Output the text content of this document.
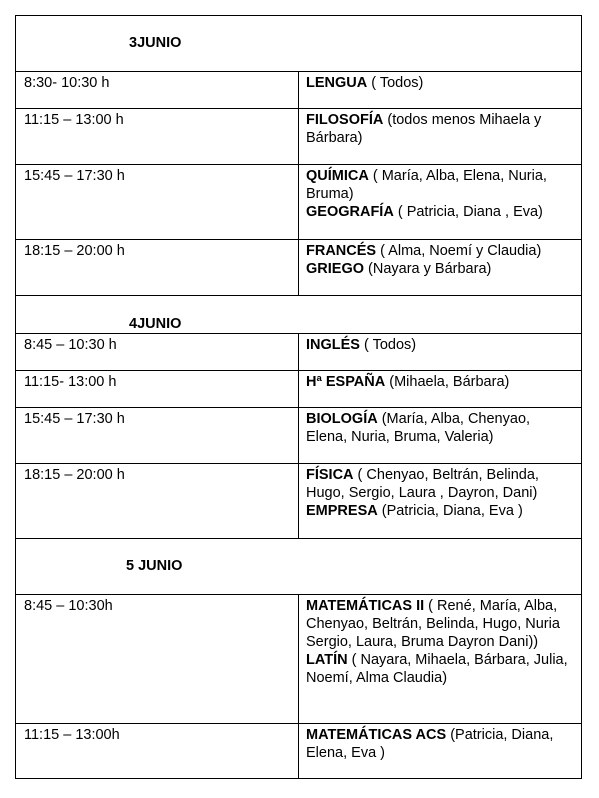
3JUNIO
8:30- 10:30 h	LENGUA ( Todos)
11:15 – 13:00 h	FILOSOFÍA (todos menos Mihaela y Bárbara)
15:45 – 17:30 h	QUÍMICA ( María, Alba, Elena, Nuria, Bruma)
GEOGRAFÍA ( Patricia, Diana , Eva)
18:15 – 20:00 h	FRANCÉS ( Alma, Noemí y Claudia)
GRIEGO (Nayara y Bárbara)
4JUNIO
8:45 – 10:30 h	INGLÉS ( Todos)
11:15- 13:00 h	Hª ESPAÑA (Mihaela, Bárbara)
15:45 – 17:30 h	BIOLOGÍA (María, Alba, Chenyao, Elena, Nuria, Bruma, Valeria)
18:15 – 20:00 h	FÍSICA ( Chenyao, Beltrán, Belinda, Hugo, Sergio, Laura , Dayron, Dani)
EMPRESA (Patricia, Diana, Eva )
5 JUNIO
8:45 – 10:30h	MATEMÁTICAS II ( René, María, Alba, Chenyao, Beltrán, Belinda, Hugo, Nuria Sergio, Laura, Bruma Dayron Dani))
LATÍN ( Nayara, Mihaela, Bárbara, Julia, Noemí, Alma Claudia)
11:15 – 13:00h	MATEMÁTICAS ACS (Patricia, Diana, Elena, Eva )
